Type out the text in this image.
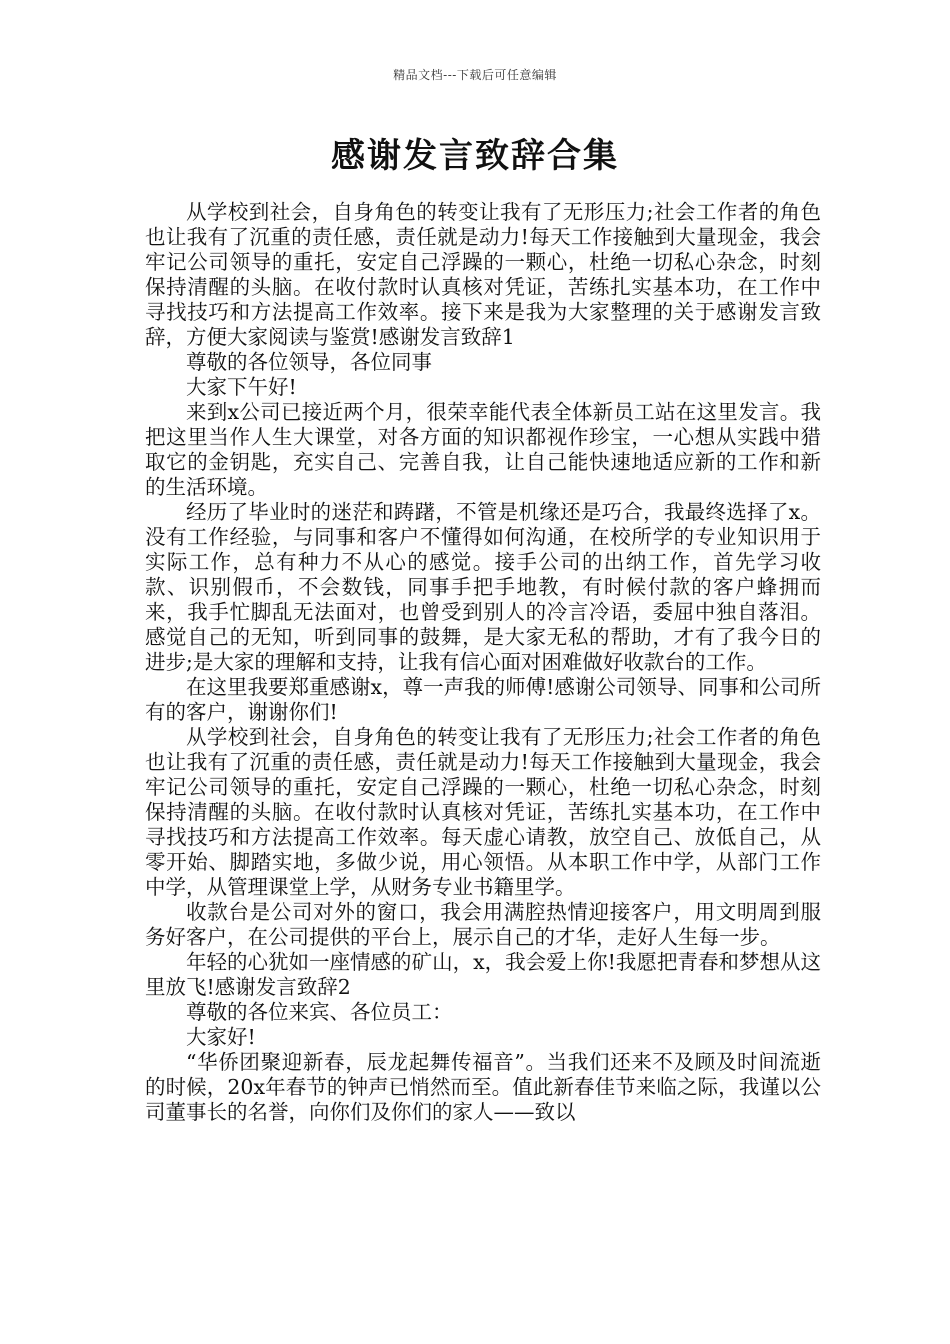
精品文档---下载后可任意编辑
感谢发言致辞合集

从学校到社会，自身角色的转变让我有了无形压力;社会工作者的角色也让我有了沉重的责任感，责任就是动力!每天工作接触到大量现金，我会牢记公司领导的重托，安定自己浮躁的一颗心，杜绝一切私心杂念，时刻保持清醒的头脑。在收付款时认真核对凭证，苦练扎实基本功，在工作中寻找技巧和方法提高工作效率。接下来是我为大家整理的关于感谢发言致辞，方便大家阅读与鉴赏!感谢发言致辞1

尊敬的各位领导，各位同事

大家下午好!

来到x公司已接近两个月，很荣幸能代表全体新员工站在这里发言。我把这里当作人生大课堂，对各方面的知识都视作珍宝，一心想从实践中猎取它的金钥匙，充实自己、完善自我，让自己能快速地适应新的工作和新的生活环境。

经历了毕业时的迷茫和踌躇，不管是机缘还是巧合，我最终选择了x。没有工作经验，与同事和客户不懂得如何沟通，在校所学的专业知识用于实际工作，总有种力不从心的感觉。接手公司的出纳工作，首先学习收款、识别假币，不会数钱，同事手把手地教，有时候付款的客户蜂拥而来，我手忙脚乱无法面对，也曾受到别人的冷言冷语，委屈中独自落泪。感觉自己的无知，听到同事的鼓舞，是大家无私的帮助，才有了我今日的进步;是大家的理解和支持，让我有信心面对困难做好收款台的工作。

在这里我要郑重感谢x，尊一声我的师傅!感谢公司领导、同事和公司所有的客户，谢谢你们!

从学校到社会，自身角色的转变让我有了无形压力;社会工作者的角色也让我有了沉重的责任感，责任就是动力!每天工作接触到大量现金，我会牢记公司领导的重托，安定自己浮躁的一颗心，杜绝一切私心杂念，时刻保持清醒的头脑。在收付款时认真核对凭证，苦练扎实基本功，在工作中寻找技巧和方法提高工作效率。每天虚心请教，放空自己、放低自己，从零开始、脚踏实地，多做少说，用心领悟。从本职工作中学，从部门工作中学，从管理课堂上学，从财务专业书籍里学。

收款台是公司对外的窗口，我会用满腔热情迎接客户，用文明周到服务好客户，在公司提供的平台上，展示自己的才华，走好人生每一步。

年轻的心犹如一座情感的矿山，x，我会爱上你!我愿把青春和梦想从这里放飞!感谢发言致辞2

尊敬的各位来宾、各位员工：

大家好!

“华侨团聚迎新春，辰龙起舞传福音”。当我们还来不及顾及时间流逝的时候，20x年春节的钟声已悄然而至。值此新春佳节来临之际，我谨以公司董事长的名誉，向你们及你们的家人——致以
